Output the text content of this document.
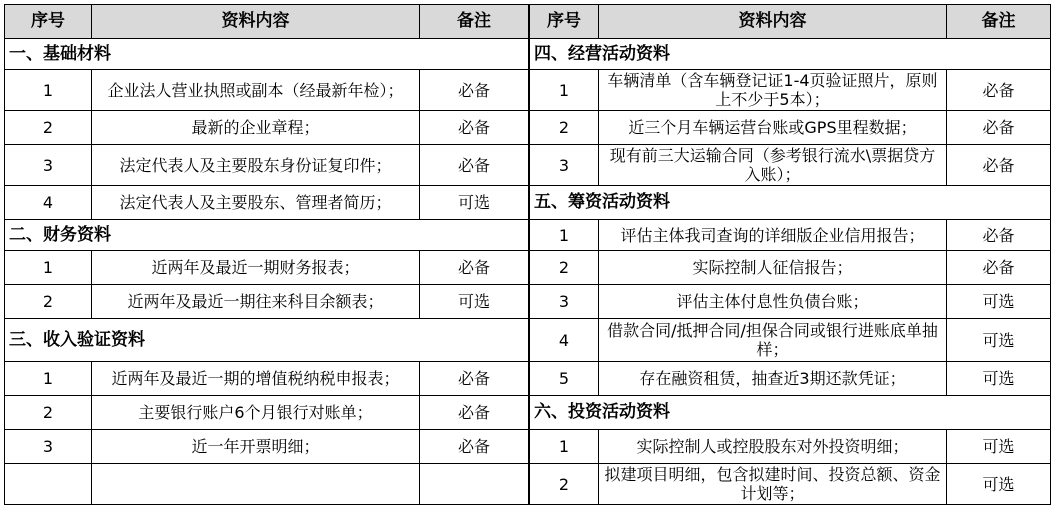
序号	资料内容	备注
一、基础材料		
1	企业法人营业执照或副本（经最新年检）；	必备
2	最新的企业章程；	必备
3	法定代表人及主要股东身份证复印件；	必备
4	法定代表人及主要股东、管理者简历；	可选
二、财务资料		
1	近两年及最近一期财务报表；	必备
2	近两年及最近一期往来科目余额表；	可选
三、收入验证资料		
1	近两年及最近一期的增值税纳税申报表；	必备
2	主要银行账户6个月银行对账单；	必备
3	近一年开票明细；	必备

序号	资料内容	备注
四、经营活动资料		
1	车辆清单（含车辆登记证1-4页验证照片，原则上不少于5本）；	必备
2	近三个月车辆运营台账或GPS里程数据；	必备
3	现有前三大运输合同（参考银行流水\票据贷方入账）；	必备
五、筹资活动资料		
1	评估主体我司查询的详细版企业信用报告；	必备
2	实际控制人征信报告；	必备
3	评估主体付息性负债台账；	可选
4	借款合同/抵押合同/担保合同或银行进账底单抽样；	可选
5	存在融资租赁，抽查近3期还款凭证；	可选
六、投资活动资料		
1	实际控制人或控股股东对外投资明细；	可选
2	拟建项目明细，包含拟建时间、投资总额、资金计划等；	可选
